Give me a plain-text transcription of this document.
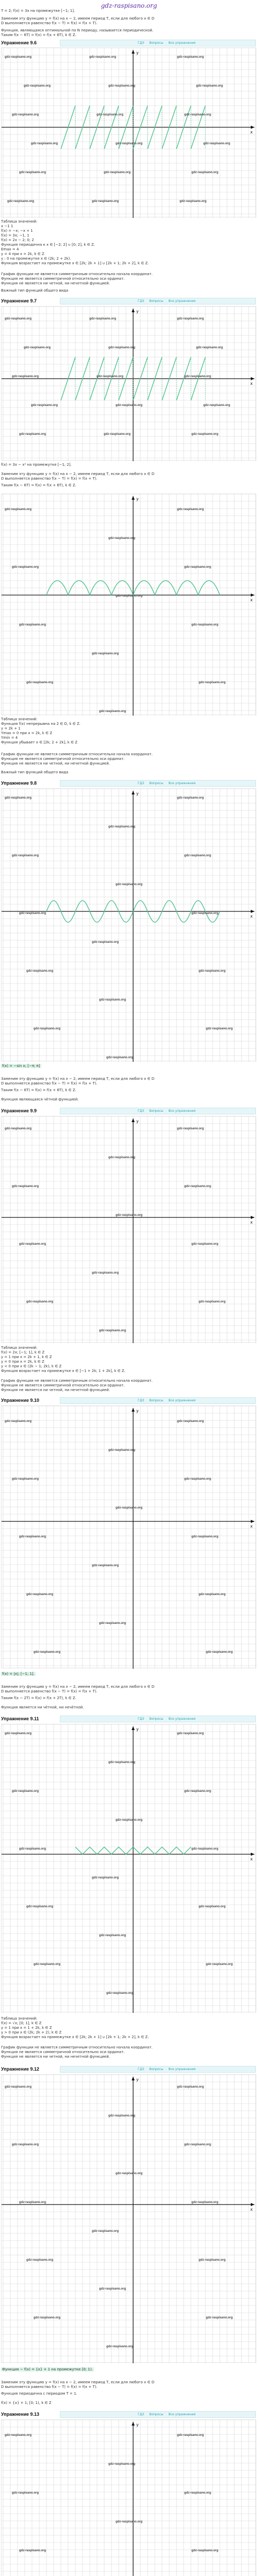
gdz-raspisano.org
T = 2; f(x) = 3x на промежутке [−1; 1].
Заменим эту функцию y = f(x) на x − 2, имеем период T, если для любого x ∈ D
D выполняется равенство f(x − T) = f(x) = f(x + T).
Функция, являющаяся оптимальной по N периоду, называется периодической.
Таким f(x − 6T) = f(x) = f(x + 6T), k ∈ Z.
Упражнение 9.6	ГДЗ Вопросы Все упражнения
x
y
gdz-raspisano.org	gdz-raspisano.org	gdz-raspisano.org
gdz-raspisano.org	gdz-raspisano.org	gdz-raspisano.org
gdz-raspisano.org	gdz-raspisano.org	gdz-raspisano.org
gdz-raspisano.org	gdz-raspisano.org	gdz-raspisano.org
gdz-raspisano.org	gdz-raspisano.org	gdz-raspisano.org
gdz-raspisano.org	gdz-raspisano.org	gdz-raspisano.org
Таблица значений:
x −1 1
f(x) = −x; −x + 1
f(x) = 3x; −1, 1
f(x) = 2x − 2; 0; 2
Функция периодична к x ∈ [−2; 2] ∪ [0; 2], k ∈ Z.
Emax = 4
y = 4 при x = 2k, k ∈ Z
y : 0 на промежутке x ∈ (2k; 2 + 2k).
Функция возрастает на промежутке x ∈ [2k; 2k + 1] ∪ [2k + 1; 2k + 2], k ∈ Z.
График функции не является симметричным относительно начала координат.
Функция не является симметричной относительно оси ординат.
Функция не является ни четной, ни нечетной функцией.
Важный тип функций общего вида
Упражнение 9.7	ГДЗ Вопросы Все упражнения
x
y
gdz-raspisano.org	gdz-raspisano.org	gdz-raspisano.org
gdz-raspisano.org	gdz-raspisano.org	gdz-raspisano.org
gdz-raspisano.org	gdz-raspisano.org	gdz-raspisano.org
gdz-raspisano.org	gdz-raspisano.org	gdz-raspisano.org
gdz-raspisano.org	gdz-raspisano.org	gdz-raspisano.org
f(x) = 3x − x² на промежутке [−1; 2].
Заменим эту функцию y = f(x) на x − 2, имеем период T, если для любого x ∈ D
D выполняется равенство f(x − T) = f(x) = f(x + T).
Таким f(x − 6T) = f(x) = f(x + 6T), k ∈ Z.
x
y
gdz-raspisano.org	gdz-raspisano.org
gdz-raspisano.org
gdz-raspisano.org	gdz-raspisano.org
gdz-raspisano.org
gdz-raspisano.org	gdz-raspisano.org
gdz-raspisano.org
gdz-raspisano.org	gdz-raspisano.org
gdz-raspisano.org
Таблица значений:
Функция f(x) непрерывна на 2 ∈ D, k ∈ Z.
y = 2k + 1
Ymax = 0 при x = 2k, k ∈ Z
Ymin = 4
Функция убывает x ∈ [2k; 2 + 2k], k ∈ Z
График функции не является симметричным относительно начала координат.
Функция не является симметричной относительно оси ординат.
Функция не является ни четной, ни нечетной функцией.
Важный тип функций общего вида
Упражнение 9.8	ГДЗ Вопросы Все упражнения
x
y
gdz-raspisano.org	gdz-raspisano.org
gdz-raspisano.org
gdz-raspisano.org	gdz-raspisano.org
gdz-raspisano.org
gdz-raspisano.org	gdz-raspisano.org
gdz-raspisano.org
gdz-raspisano.org	gdz-raspisano.org
gdz-raspisano.org
gdz-raspisano.org	gdz-raspisano.org
gdz-raspisano.org
f(x) = −sin x; [−π; π]
Заменим эту функцию y = f(x) на x − 2, имеем период T, если для любого x ∈ D
D выполняется равенство f(x − T) = f(x) = f(x + T).
Таким f(x − 6T) = f(x) = f(x + 6T), k ∈ Z.
Функция являющаяся чётной функцией.
Упражнение 9.9	ГДЗ Вопросы Все упражнения
x
y
gdz-raspisano.org	gdz-raspisano.org
gdz-raspisano.org
gdz-raspisano.org	gdz-raspisano.org
gdz-raspisano.org
gdz-raspisano.org	gdz-raspisano.org
gdz-raspisano.org
gdz-raspisano.org	gdz-raspisano.org
gdz-raspisano.org
Таблица значений:
f(x) = 2x; [−1; 1], k ∈ Z
y = 1 при x = 2k + 1, k ∈ Z
y = 0 при x = 2k, k ∈ Z
y < 0 при x ∈ (2k − 1; 2k), k ∈ Z
Функция возрастает на промежутке x ∈ [−1 + 2k; 1 + 2k], k ∈ Z.
График функции не является симметричным относительно начала координат.
Функция не является симметричной относительно оси ординат.
Функция не является ни четной, ни нечетной функцией.
Упражнение 9.10	ГДЗ Вопросы Все упражнения
x
y
gdz-raspisano.org	gdz-raspisano.org
gdz-raspisano.org
gdz-raspisano.org	gdz-raspisano.org
gdz-raspisano.org
gdz-raspisano.org	gdz-raspisano.org
gdz-raspisano.org
gdz-raspisano.org	gdz-raspisano.org
gdz-raspisano.org
gdz-raspisano.org	gdz-raspisano.org
f(x) = |x|; [−1; 1].
Заменим эту функцию y = f(x) на x − 2, имеем период T, если для любого x ∈ D
D выполняется равенство f(x − T) = f(x) = f(x + T).
Таким f(x − 2T) = f(x) = f(x + 2T), k ∈ Z.
Функция является ни чётной, ни нечётной.
Упражнение 9.11	ГДЗ Вопросы Все упражнения
x
y
gdz-raspisano.org	gdz-raspisano.org
gdz-raspisano.org
gdz-raspisano.org	gdz-raspisano.org
gdz-raspisano.org
gdz-raspisano.org	gdz-raspisano.org
gdz-raspisano.org
gdz-raspisano.org	gdz-raspisano.org
gdz-raspisano.org
gdz-raspisano.org	gdz-raspisano.org
gdz-raspisano.org
Таблица значений:
f(x) = √x; [0; 1], k ∈ Z
y = 1 при x = 1 + 2k, k ∈ Z
y > 0 при x ∈ (2k; 2k + 2), k ∈ Z
Функция возрастает на промежутке x ∈ [2k; 2k + 1] ∪ [2k + 1; 2k + 2], k ∈ Z.
График функции не является симметричным относительно начала координат.
Функция не является симметричной относительно оси ординат.
Функция не является ни четной, ни нечетной функцией.
Упражнение 9.12	ГДЗ Вопросы Все упражнения
x
y
gdz-raspisano.org	gdz-raspisano.org
gdz-raspisano.org
gdz-raspisano.org	gdz-raspisano.org
gdz-raspisano.org
gdz-raspisano.org	gdz-raspisano.org
gdz-raspisano.org
gdz-raspisano.org	gdz-raspisano.org
gdz-raspisano.org
gdz-raspisano.org	gdz-raspisano.org
gdz-raspisano.org
Функция − f(x) = {x} + 1 на промежутке [0; 1).
Заменим эту функцию y = f(x) на x − 2, имеем период T, если для любого x ∈ D
D выполняется равенство f(x − T) = f(x) = f(x + T).
Функция периодична с периодом T = 1.
f(x) = {x} + 1; [0; 1), k ∈ Z
Упражнение 9.13	ГДЗ Вопросы Все упражнения
y
gdz-raspisano.org	gdz-raspisano.org
gdz-raspisano.org
gdz-raspisano.org	gdz-raspisano.org
gdz-raspisano.org
gdz-raspisano.org	gdz-raspisano.org
